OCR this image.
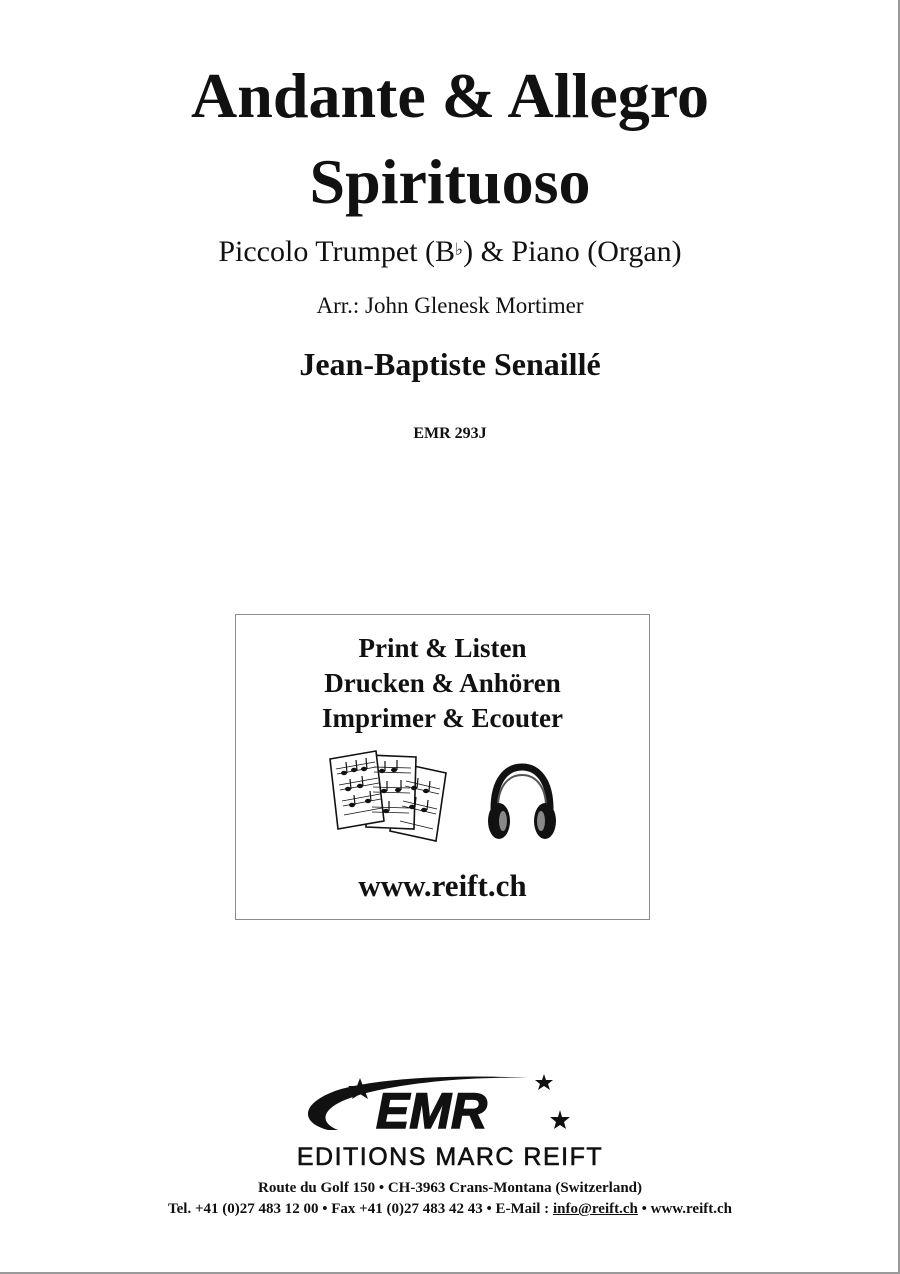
Andante & Allegro
Spirituoso
Piccolo Trumpet (B♭) & Piano (Organ)
Arr.: John Glenesk Mortimer
Jean-Baptiste Senaillé
EMR 293J
Print & Listen
Drucken & Anhören
Imprimer & Ecouter
www.reift.ch
EMR
EDITIONS MARC REIFT
Route du Golf 150 • CH-3963 Crans-Montana (Switzerland)
Tel. +41 (0)27 483 12 00 • Fax +41 (0)27 483 42 43 • E-Mail : info@reift.ch • www.reift.ch
